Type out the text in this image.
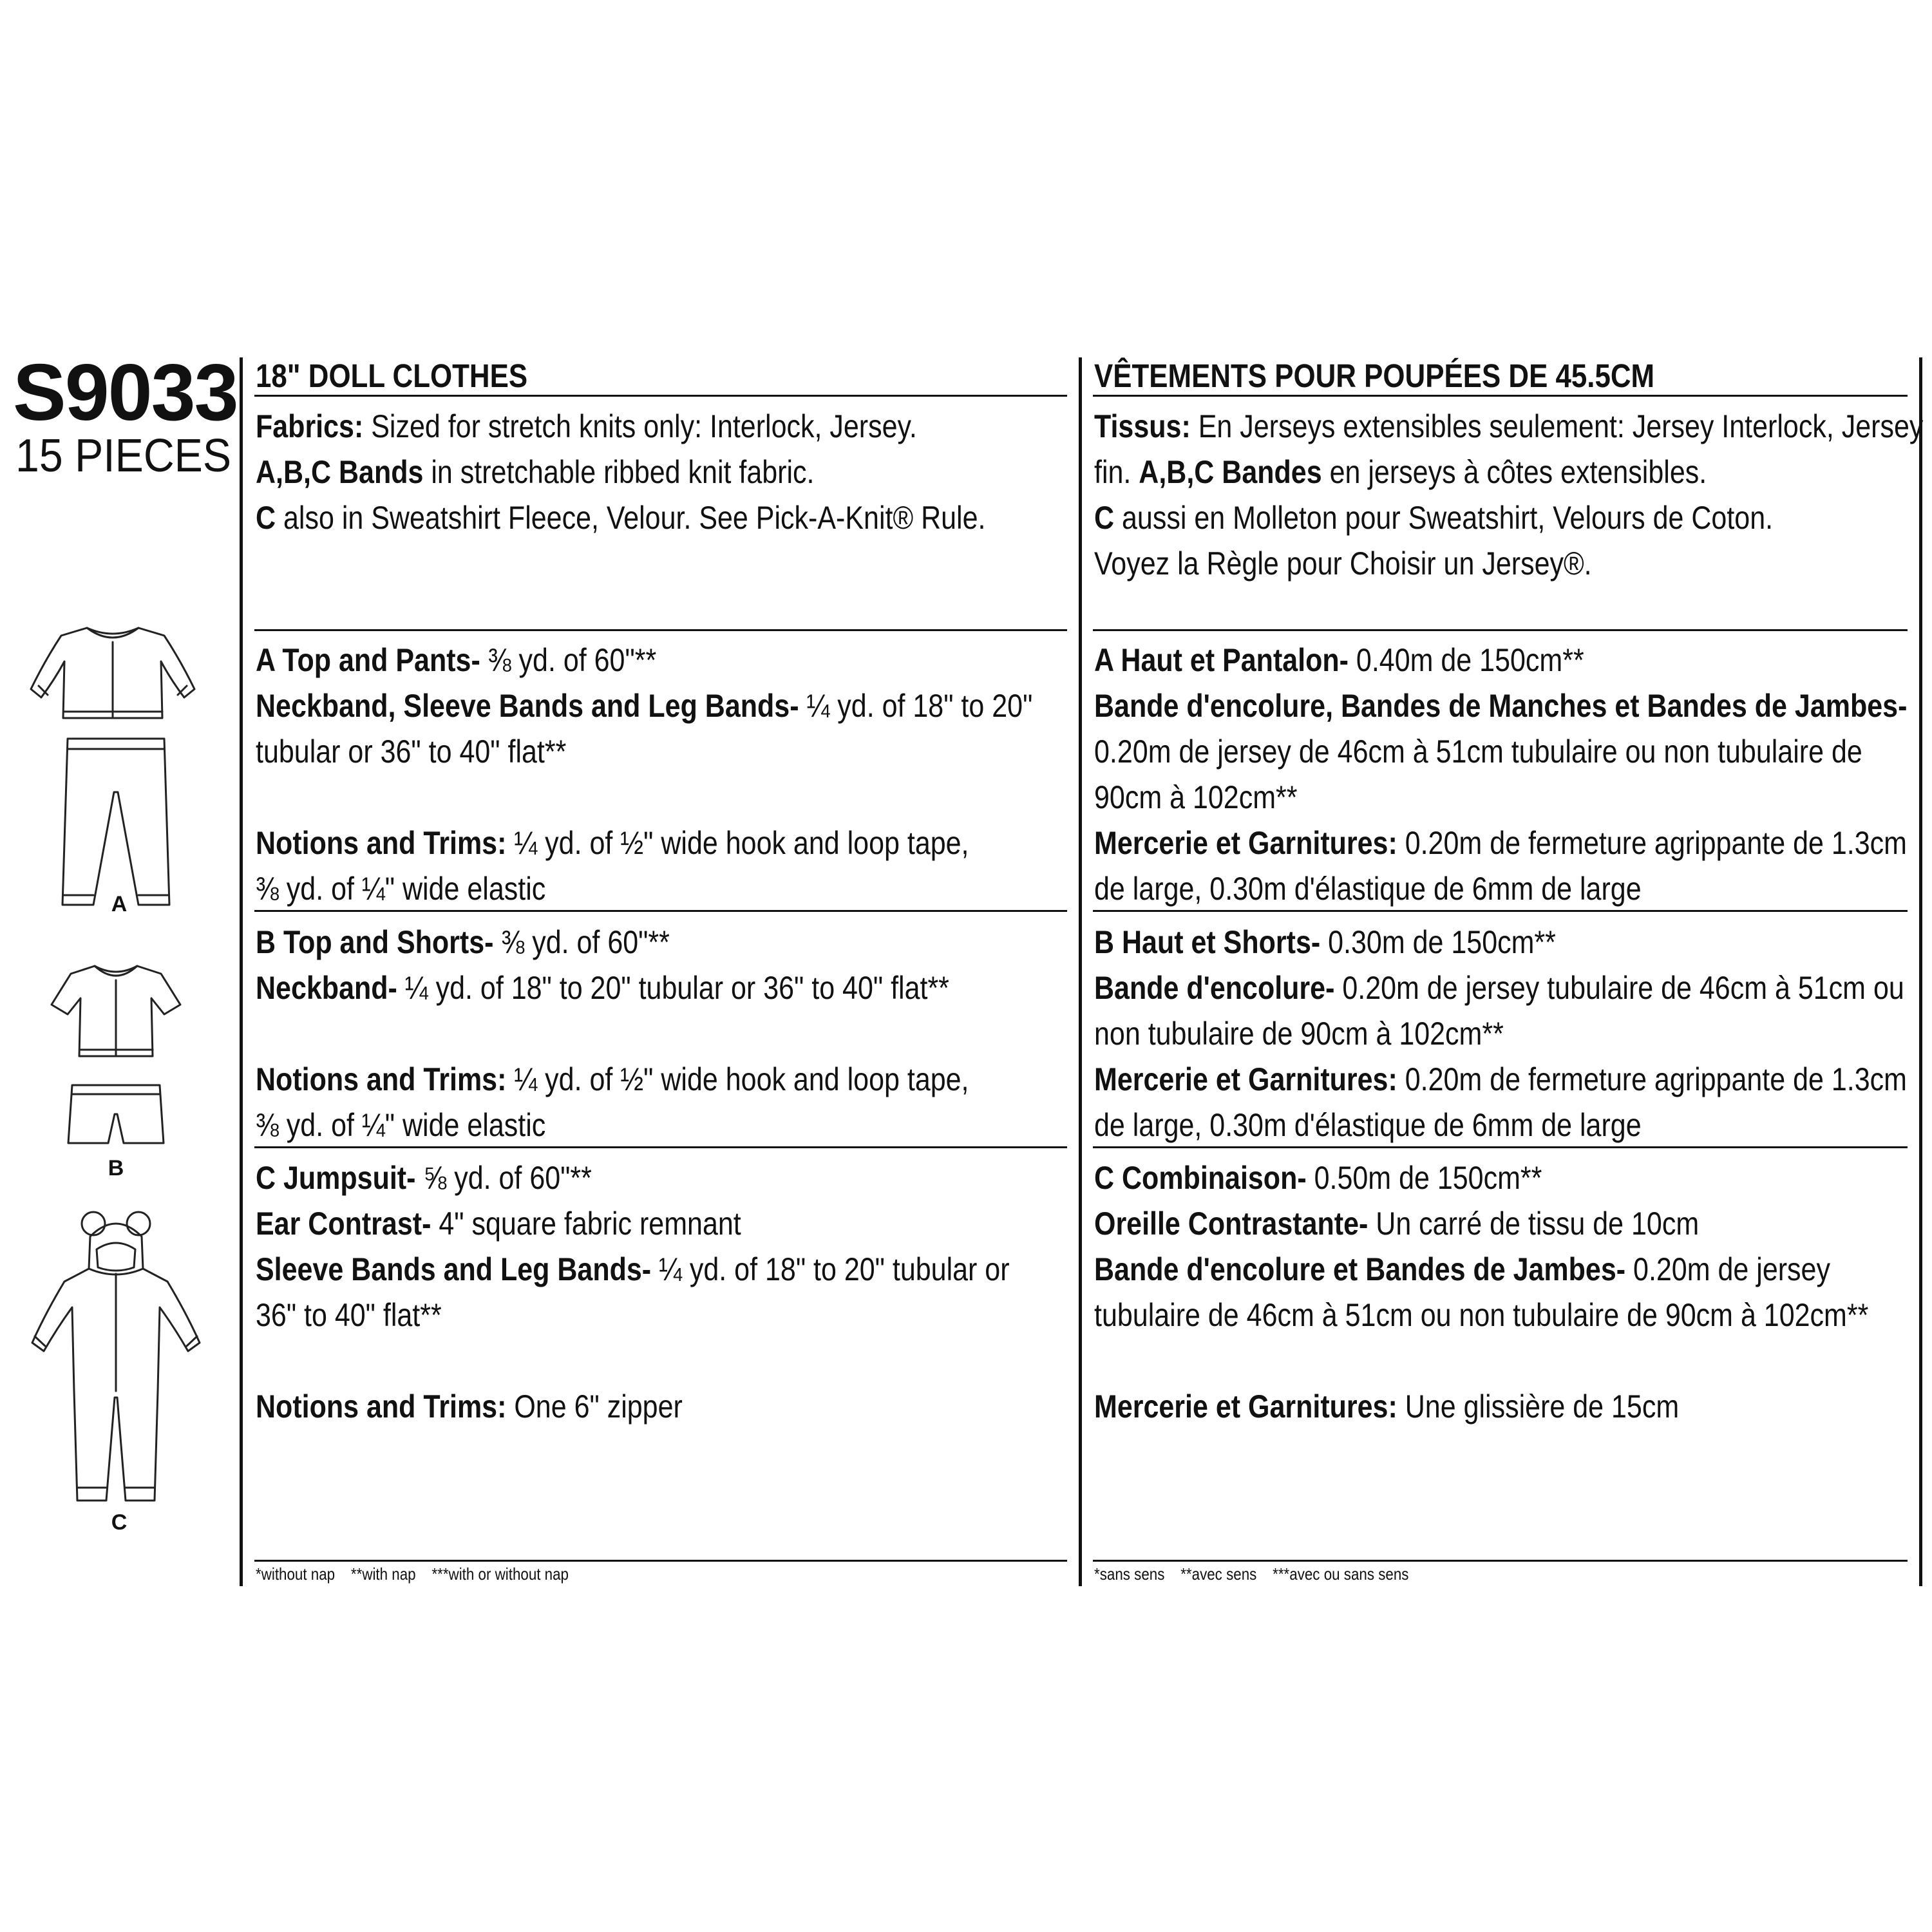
S9033
15 PIECES
18" DOLL CLOTHES	VÊTEMENTS POUR POUPÉES DE 45.5CM
Fabrics: Sized for stretch knits only: Interlock, Jersey.
A,B,C Bands in stretchable ribbed knit fabric.
C also in Sweatshirt Fleece, Velour. See Pick-A-Knit® Rule.
A Top and Pants- ⅜ yd. of 60"**
Neckband, Sleeve Bands and Leg Bands- ¼ yd. of 18" to 20"
tubular or 36" to 40" flat**
Notions and Trims: ¼ yd. of ½" wide hook and loop tape,
⅜ yd. of ¼" wide elastic
B Top and Shorts- ⅜ yd. of 60"**
Neckband- ¼ yd. of 18" to 20" tubular or 36" to 40" flat**
Notions and Trims: ¼ yd. of ½" wide hook and loop tape,
⅜ yd. of ¼" wide elastic
C Jumpsuit- ⅝ yd. of 60"**
Ear Contrast- 4" square fabric remnant
Sleeve Bands and Leg Bands- ¼ yd. of 18" to 20" tubular or
36" to 40" flat**
Notions and Trims: One 6" zipper
*without nap    **with nap    ***with or without nap
Tissus: En Jerseys extensibles seulement: Jersey Interlock, Jersey
fin. A,B,C Bandes en jerseys à côtes extensibles.
C aussi en Molleton pour Sweatshirt, Velours de Coton.
Voyez la Règle pour Choisir un Jersey®.
A Haut et Pantalon- 0.40m de 150cm**
Bande d'encolure, Bandes de Manches et Bandes de Jambes-
0.20m de jersey de 46cm à 51cm tubulaire ou non tubulaire de
90cm à 102cm**
Mercerie et Garnitures: 0.20m de fermeture agrippante de 1.3cm
de large, 0.30m d'élastique de 6mm de large
B Haut et Shorts- 0.30m de 150cm**
Bande d'encolure- 0.20m de jersey tubulaire de 46cm à 51cm ou
non tubulaire de 90cm à 102cm**
Mercerie et Garnitures: 0.20m de fermeture agrippante de 1.3cm
de large, 0.30m d'élastique de 6mm de large
C Combinaison- 0.50m de 150cm**
Oreille Contrastante- Un carré de tissu de 10cm
Bande d'encolure et Bandes de Jambes- 0.20m de jersey
tubulaire de 46cm à 51cm ou non tubulaire de 90cm à 102cm**
Mercerie et Garnitures: Une glissière de 15cm
*sans sens    **avec sens    ***avec ou sans sens
A
B
C
